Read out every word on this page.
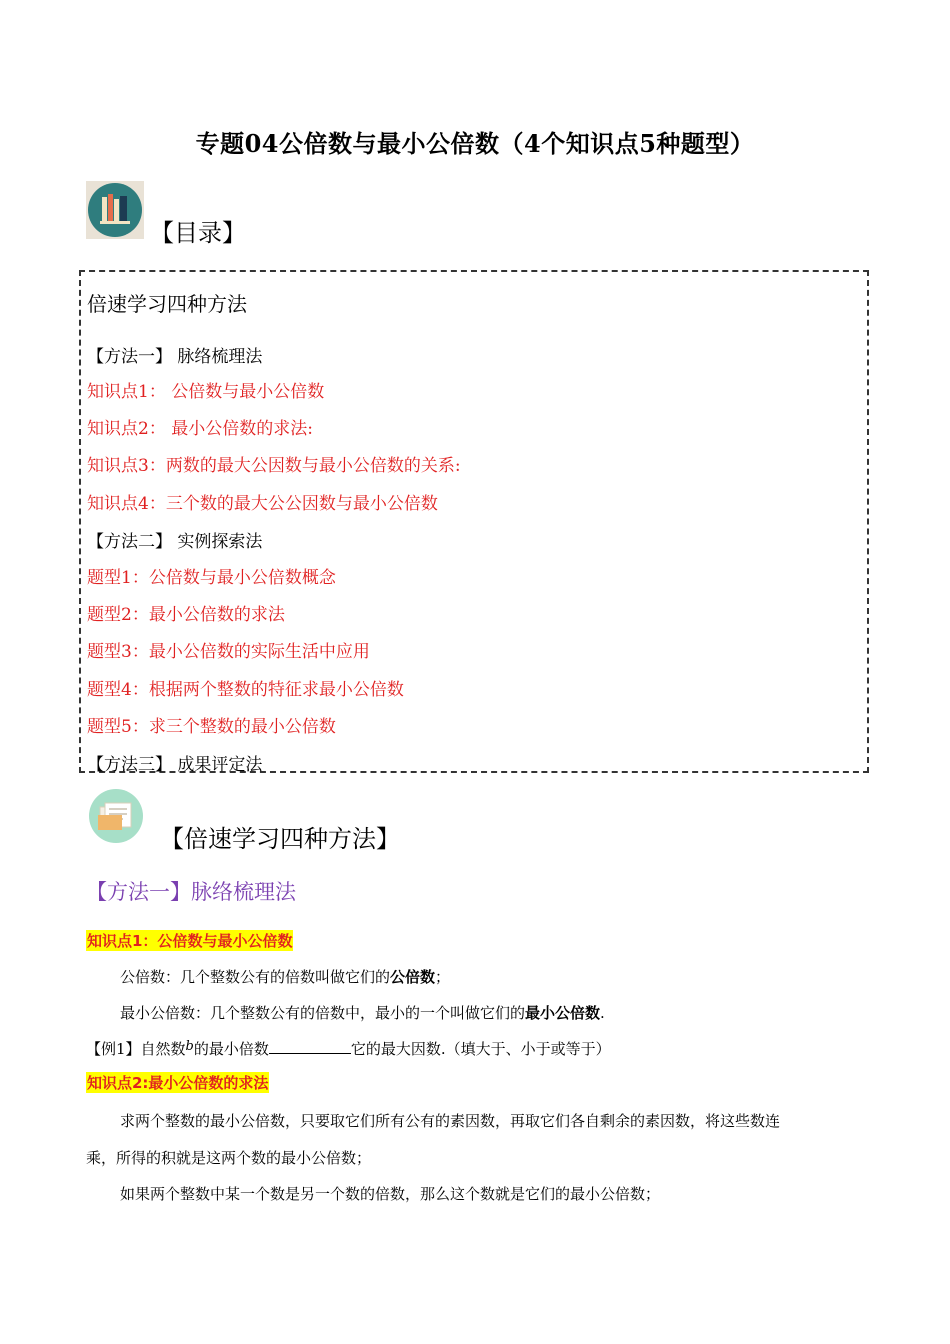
专题04公倍数与最小公倍数（4个知识点5种题型）
【目录】
倍速学习四种方法
【方法一】 脉络梳理法
知识点1： 公倍数与最小公倍数
知识点2： 最小公倍数的求法:
知识点3：两数的最大公因数与最小公倍数的关系:
知识点4：三个数的最大公公因数与最小公倍数
【方法二】 实例探索法
题型1：公倍数与最小公倍数概念
题型2：最小公倍数的求法
题型3：最小公倍数的实际生活中应用
题型4：根据两个整数的特征求最小公倍数
题型5：求三个整数的最小公倍数
【方法三】 成果评定法
【倍速学习四种方法】
【方法一】脉络梳理法
知识点1：公倍数与最小公倍数
公倍数：几个整数公有的倍数叫做它们的公倍数；
最小公倍数：几个整数公有的倍数中，最小的一个叫做它们的最小公倍数.
【例1】自然数b的最小倍数	它的最大因数.（填大于、小于或等于）
知识点2:最小公倍数的求法
求两个整数的最小公倍数，只要取它们所有公有的素因数，再取它们各自剩余的素因数，将这些数连
乘，所得的积就是这两个数的最小公倍数；
如果两个整数中某一个数是另一个数的倍数，那么这个数就是它们的最小公倍数；
